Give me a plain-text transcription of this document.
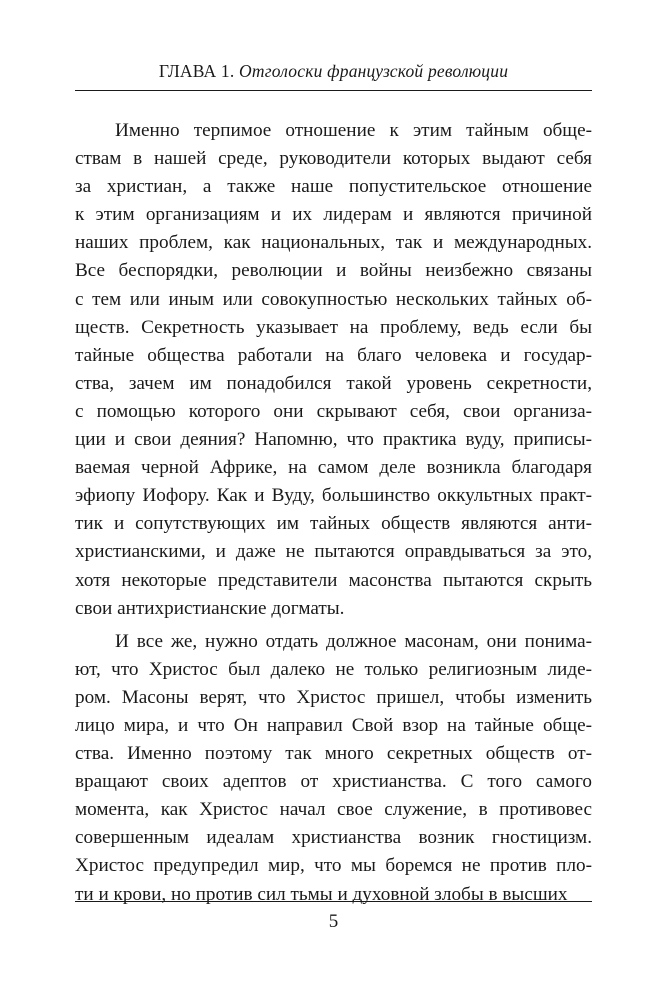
ГЛАВА 1. Отголоски французской революции
Именно терпимое отношение к этим тайным обще-
ствам в нашей среде, руководители которых выдают себя
за христиан, а также наше попустительское отношение
к этим организациям и их лидерам и являются причиной
наших проблем, как национальных, так и международных.
Все беспорядки, революции и войны неизбежно связаны
с тем или иным или совокупностью нескольких тайных об-
ществ. Секретность указывает на проблему, ведь если бы
тайные общества работали на благо человека и государ-
ства, зачем им понадобился такой уровень секретности,
с помощью которого они скрывают себя, свои организа-
ции и свои деяния? Напомню, что практика вуду, приписы-
ваемая черной Африке, на самом деле возникла благодаря
эфиопу Иофору. Как и Вуду, большинство оккультных практ-
тик и сопутствующих им тайных обществ являются анти-
христианскими, и даже не пытаются оправдываться за это,
хотя некоторые представители масонства пытаются скрыть
свои антихристианские догматы.
И все же, нужно отдать должное масонам, они понима-
ют, что Христос был далеко не только религиозным лиде-
ром. Масоны верят, что Христос пришел, чтобы изменить
лицо мира, и что Он направил Свой взор на тайные обще-
ства. Именно поэтому так много секретных обществ от-
вращают своих адептов от христианства. С того самого
момента, как Христос начал свое служение, в противовес
совершенным идеалам христианства возник гностицизм.
Христос предупредил мир, что мы боремся не против пло-
ти и крови, но против сил тьмы и духовной злобы в высших
5
